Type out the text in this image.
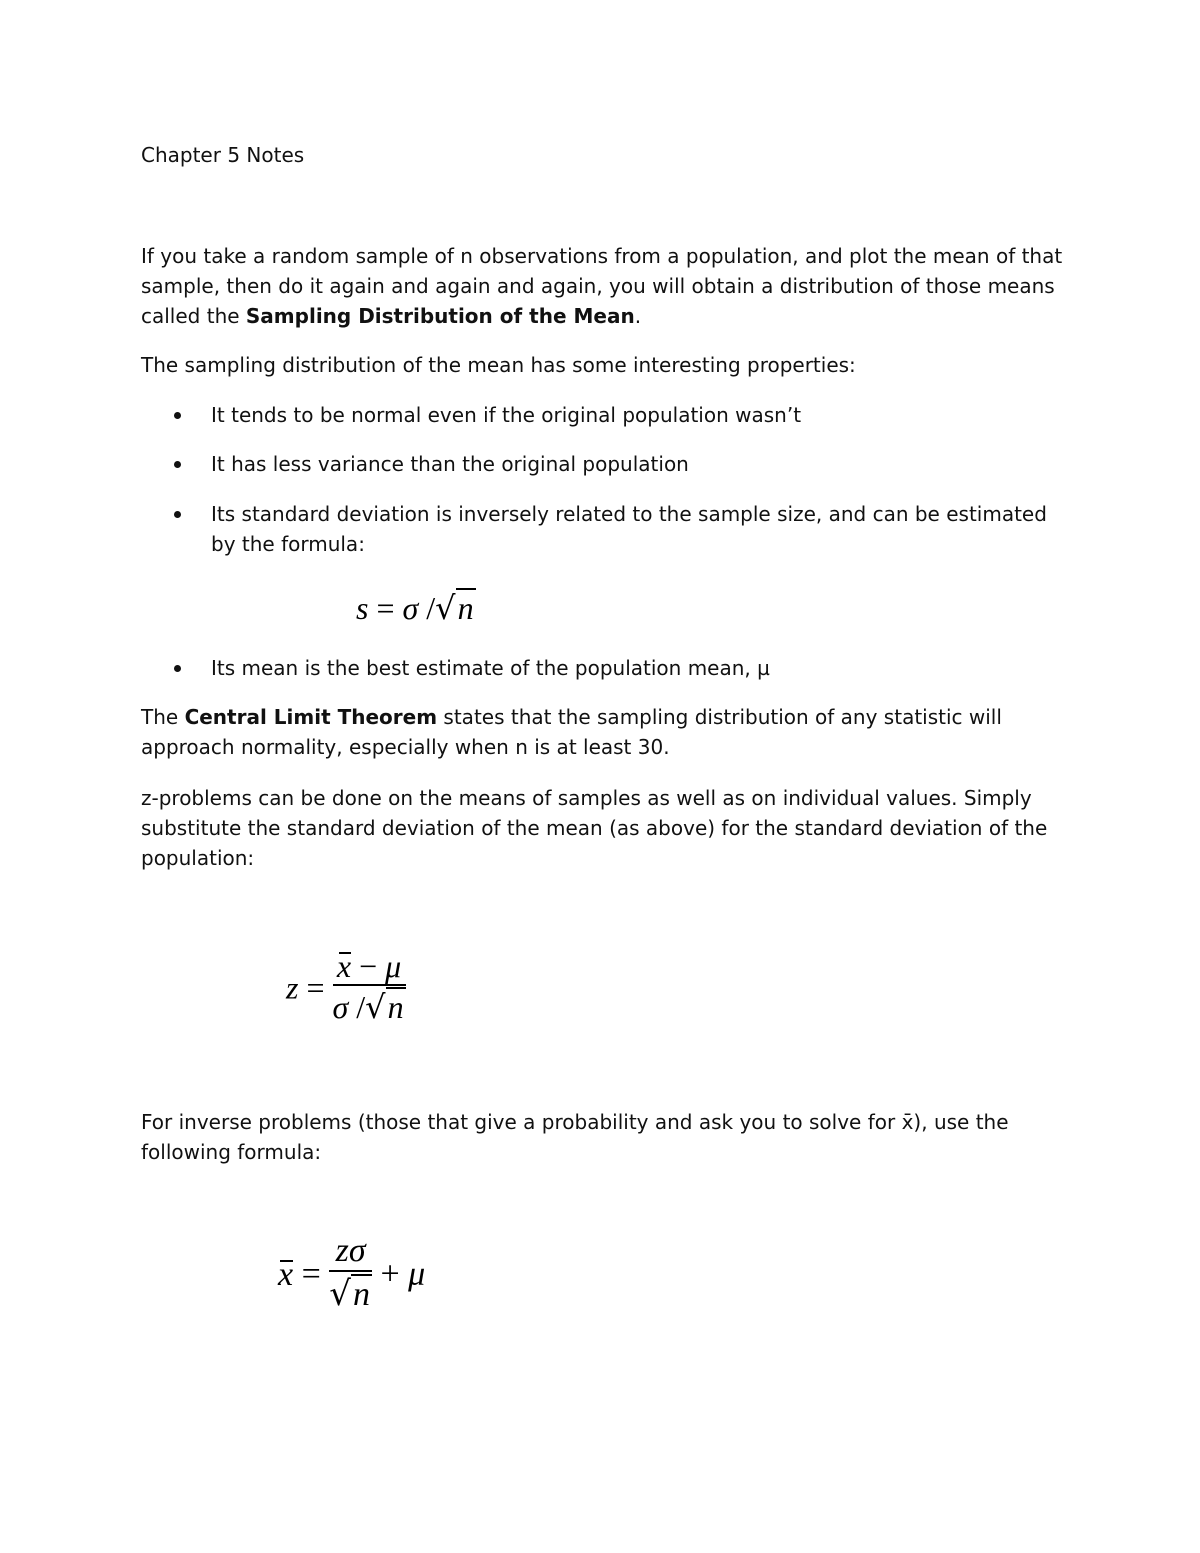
Chapter 5 Notes

If you take a random sample of n observations from a population, and plot the mean of that sample, then do it again and again and again, you will obtain a distribution of those means called the Sampling Distribution of the Mean.

The sampling distribution of the mean has some interesting properties:

It tends to be normal even if the original population wasn’t

It has less variance than the original population

Its standard deviation is inversely related to the sample size, and can be estimated by the formula:

s = σ /√n

Its mean is the best estimate of the population mean, µ

The Central Limit Theorem states that the sampling distribution of any statistic will approach normality, especially when n is at least 30.

z-problems can be done on the means of samples as well as on individual values. Simply substitute the standard deviation of the mean (as above) for the standard deviation of the population:

$z = \frac{x - \mu}{\sigma /√n}$

For inverse problems (those that give a probability and ask you to solve for x̄), use the following formula:

$x = \frac{z\sigma}{√n} + \mu$
